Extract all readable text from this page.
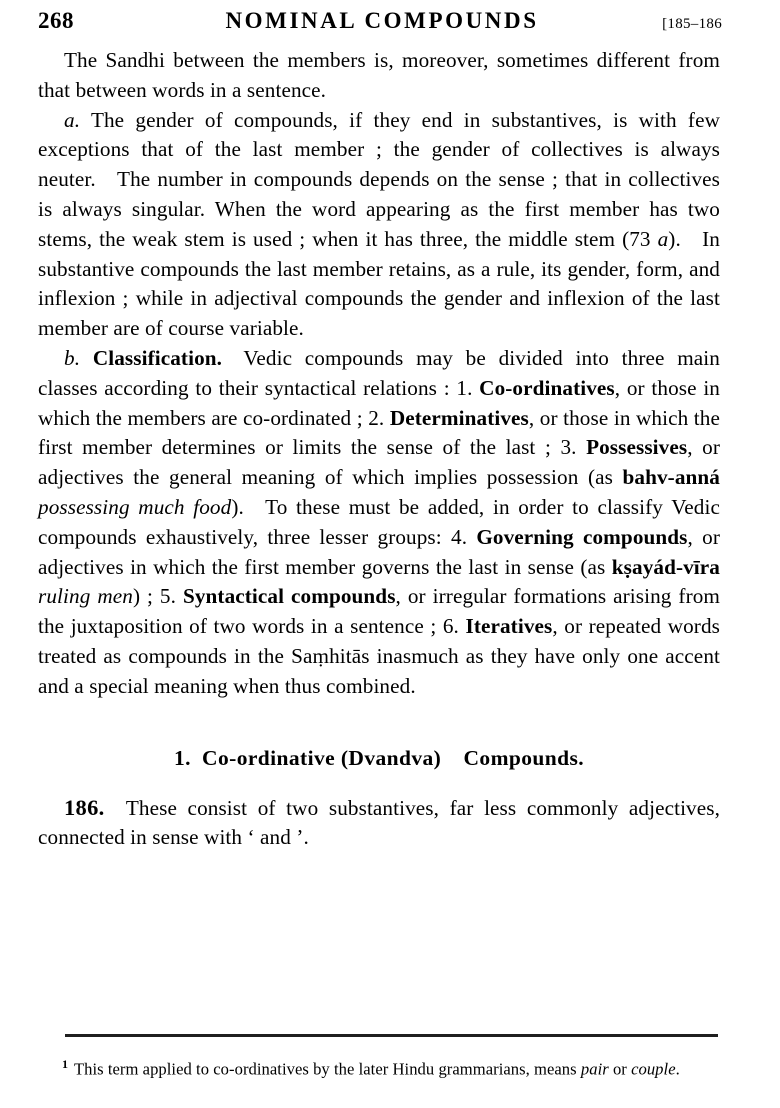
268	NOMINAL COMPOUNDS	[185–186

The Sandhi between the members is, moreover, sometimes different from that between words in a sentence.

a. The gender of compounds, if they end in substantives, is with few exceptions that of the last member ; the gender of collectives is always neuter. The number in compounds depends on the sense ; that in collectives is always singular. When the word appearing as the first member has two stems, the weak stem is used ; when it has three, the middle stem (73 a). In substantive compounds the last member retains, as a rule, its gender, form, and inflexion ; while in adjectival compounds the gender and inflexion of the last member are of course variable.

b. Classification. Vedic compounds may be divided into three main classes according to their syntactical relations : 1. Co-ordinatives, or those in which the members are co-ordinated ; 2. Determinatives, or those in which the first member determines or limits the sense of the last ; 3. Possessives, or adjectives the general meaning of which implies possession (as bahv-anná possessing much food). To these must be added, in order to classify Vedic compounds exhaustively, three lesser groups: 4. Governing compounds, or adjectives in which the first member governs the last in sense (as kṣayád-vīra ruling men) ; 5. Syntactical compounds, or irregular formations arising from the juxtaposition of two words in a sentence ; 6. Iteratives, or repeated words treated as compounds in the Saṃhitās inasmuch as they have only one accent and a special meaning when thus combined.

1. Co-ordinative (Dvandva)  Compounds.

186. These consist of two substantives, far less commonly adjectives, connected in sense with ‘ and ’.

$^1$ This term applied to co-ordinatives by the later Hindu grammarians, means pair or couple.
